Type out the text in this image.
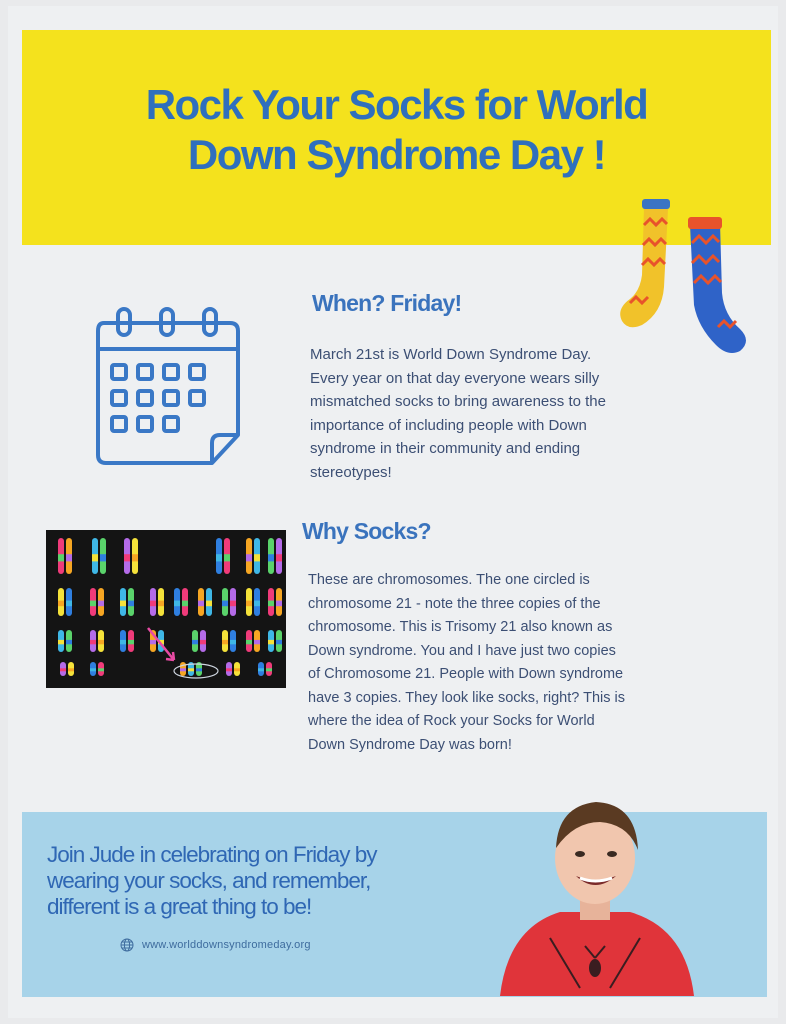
Rock Your Socks for World
Down Syndrome Day !
When? Friday!
March 21st is World Down Syndrome Day.
Every year on that day everyone wears silly
mismatched socks to bring awareness to the
importance of including people with Down
syndrome in their community and ending
stereotypes!
Why Socks?
These are chromosomes. The one circled is
chromosome 21 - note the three copies of the
chromosome. This is Trisomy 21 also known as
Down syndrome. You and I have just two copies
of Chromosome 21. People with Down syndrome
have 3 copies. They look like socks, right? This is
where the idea of Rock your Socks for World
Down Syndrome Day was born!

Join Jude in celebrating on Friday by
wearing your socks, and remember,
different is a great thing to be!

www.worlddownsyndromeday.org
